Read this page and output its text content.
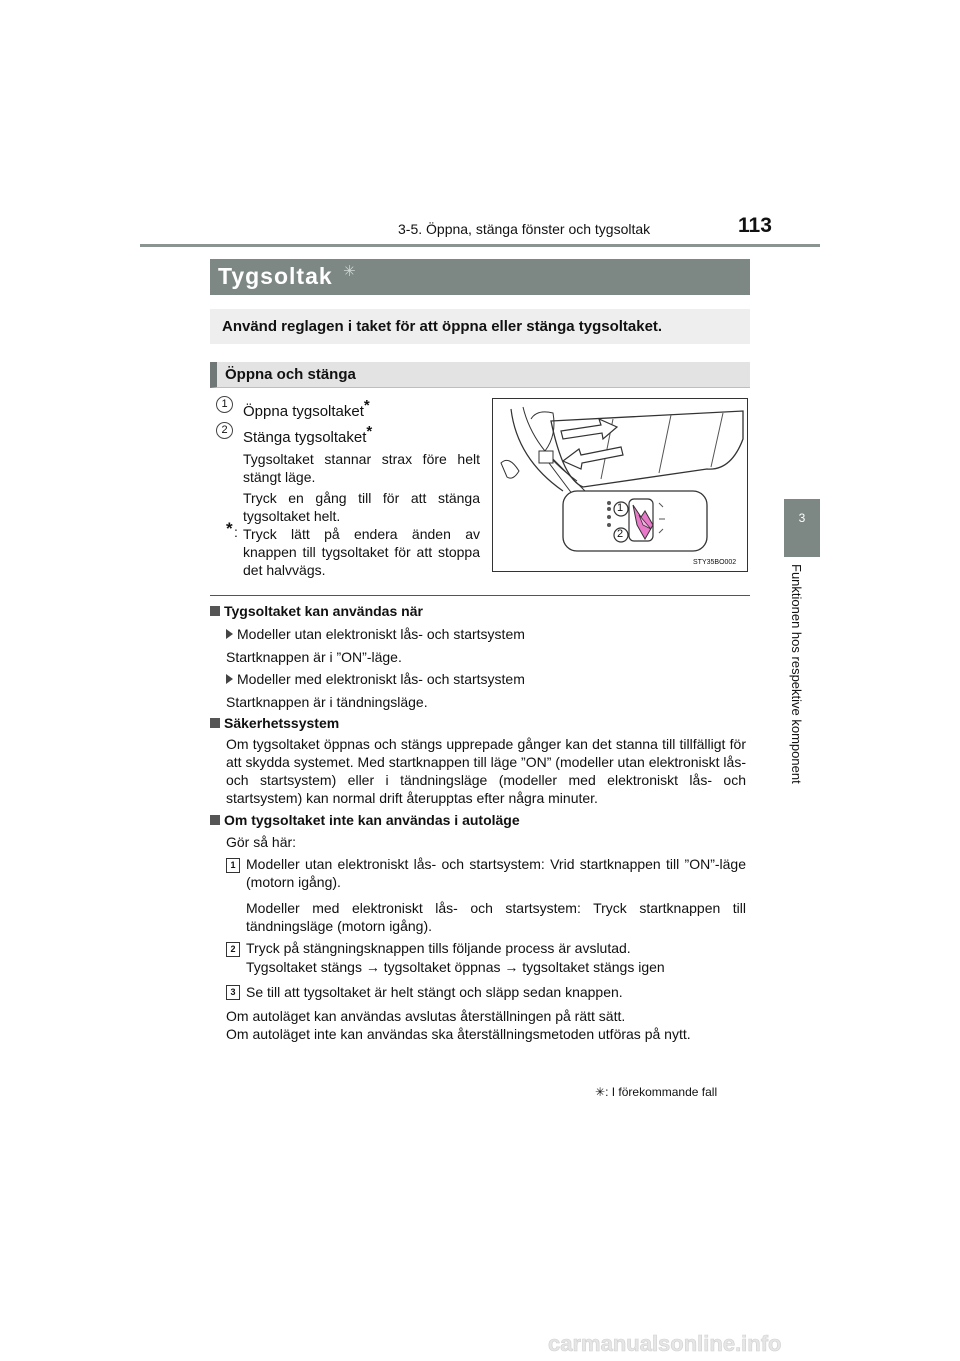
3-5. Öppna, stänga fönster och tygsoltak	113
3
Funktionen hos respektive komponent
Tygsoltak ✳
Använd reglagen i taket för att öppna eller stänga tygsoltaket.
Öppna och stänga
1	Öppna tygsoltaket*
2	Stänga tygsoltaket*
Tygsoltaket stannar strax före helt stängt läge.
Tryck en gång till för att stänga tygsoltaket helt.
* : Tryck lätt på endera änden av knappen till tygsoltaket för att stoppa det halvvägs.
1
2
STY35BO002
Tygsoltaket kan användas när
Modeller utan elektroniskt lås- och startsystem
Startknappen är i ”ON”-läge.
Modeller med elektroniskt lås- och startsystem
Startknappen är i tändningsläge.
Säkerhetssystem
Om tygsoltaket öppnas och stängs upprepade gånger kan det stanna till tillfälligt för att skydda systemet. Med startknappen till läge ”ON” (modeller utan elektroniskt lås- och startsystem) eller i tändningsläge (modeller med elektroniskt lås- och startsystem) kan normal drift återupptas efter några minuter.
Om tygsoltaket inte kan användas i autoläge
Gör så här:
1 Modeller utan elektroniskt lås- och startsystem: Vrid startknappen till ”ON”-läge (motorn igång).
Modeller med elektroniskt lås- och startsystem: Tryck startknappen till tändningsläge (motorn igång).
2 Tryck på stängningsknappen tills följande process är avslutad.
Tygsoltaket stängs → tygsoltaket öppnas → tygsoltaket stängs igen
3 Se till att tygsoltaket är helt stängt och släpp sedan knappen.
Om autoläget kan användas avslutas återställningen på rätt sätt.
Om autoläget inte kan användas ska återställningsmetoden utföras på nytt.
✳: I förekommande fall
carmanualsonline.info
